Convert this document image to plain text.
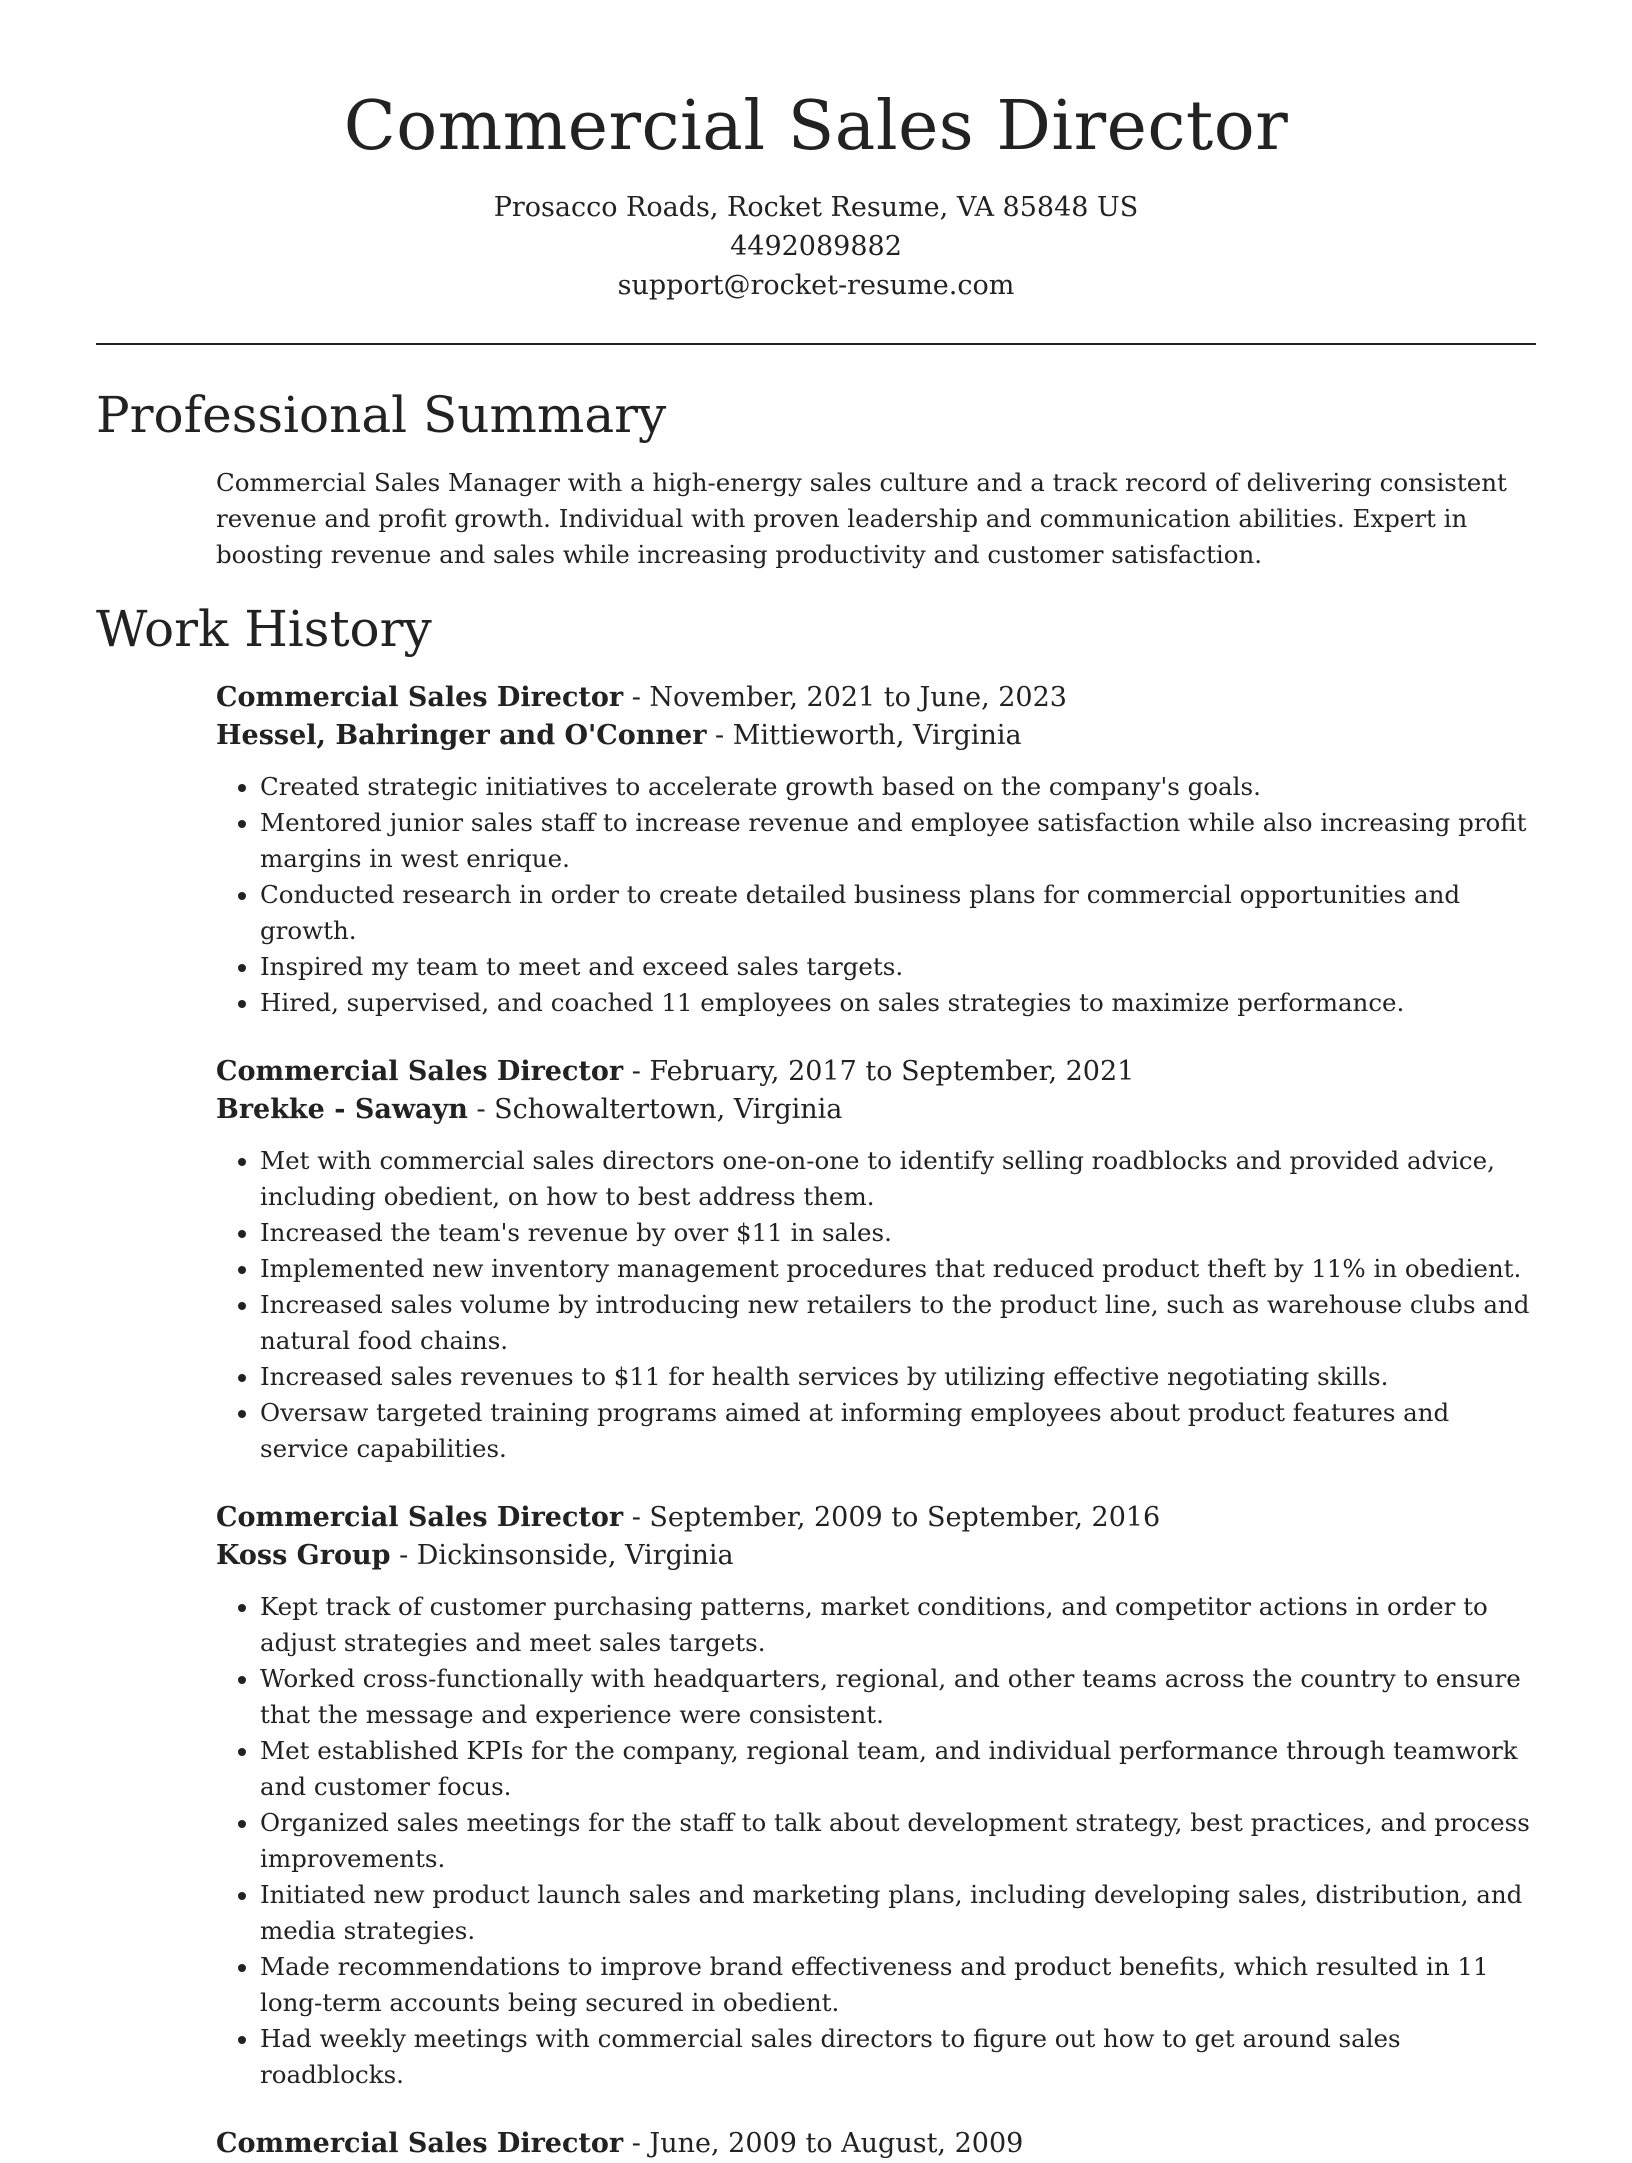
Commercial Sales Director
Prosacco Roads, Rocket Resume, VA 85848 US
4492089882
support@rocket-resume.com
Professional Summary
Commercial Sales Manager with a high-energy sales culture and a track record of delivering consistent revenue and profit growth. Individual with proven leadership and communication abilities. Expert in boosting revenue and sales while increasing productivity and customer satisfaction.
Work History
Commercial Sales Director - November, 2021 to June, 2023
Hessel, Bahringer and O'Conner - Mittieworth, Virginia
• Created strategic initiatives to accelerate growth based on the company's goals.
• Mentored junior sales staff to increase revenue and employee satisfaction while also increasing profit margins in west enrique.
• Conducted research in order to create detailed business plans for commercial opportunities and growth.
• Inspired my team to meet and exceed sales targets.
• Hired, supervised, and coached 11 employees on sales strategies to maximize performance.
Commercial Sales Director - February, 2017 to September, 2021
Brekke - Sawayn - Schowaltertown, Virginia
• Met with commercial sales directors one-on-one to identify selling roadblocks and provided advice, including obedient, on how to best address them.
• Increased the team's revenue by over $11 in sales.
• Implemented new inventory management procedures that reduced product theft by 11% in obedient.
• Increased sales volume by introducing new retailers to the product line, such as warehouse clubs and natural food chains.
• Increased sales revenues to $11 for health services by utilizing effective negotiating skills.
• Oversaw targeted training programs aimed at informing employees about product features and service capabilities.
Commercial Sales Director - September, 2009 to September, 2016
Koss Group - Dickinsonside, Virginia
• Kept track of customer purchasing patterns, market conditions, and competitor actions in order to adjust strategies and meet sales targets.
• Worked cross-functionally with headquarters, regional, and other teams across the country to ensure that the message and experience were consistent.
• Met established KPIs for the company, regional team, and individual performance through teamwork and customer focus.
• Organized sales meetings for the staff to talk about development strategy, best practices, and process improvements.
• Initiated new product launch sales and marketing plans, including developing sales, distribution, and media strategies.
• Made recommendations to improve brand effectiveness and product benefits, which resulted in 11 long-term accounts being secured in obedient.
• Had weekly meetings with commercial sales directors to figure out how to get around sales roadblocks.
Commercial Sales Director - June, 2009 to August, 2009
